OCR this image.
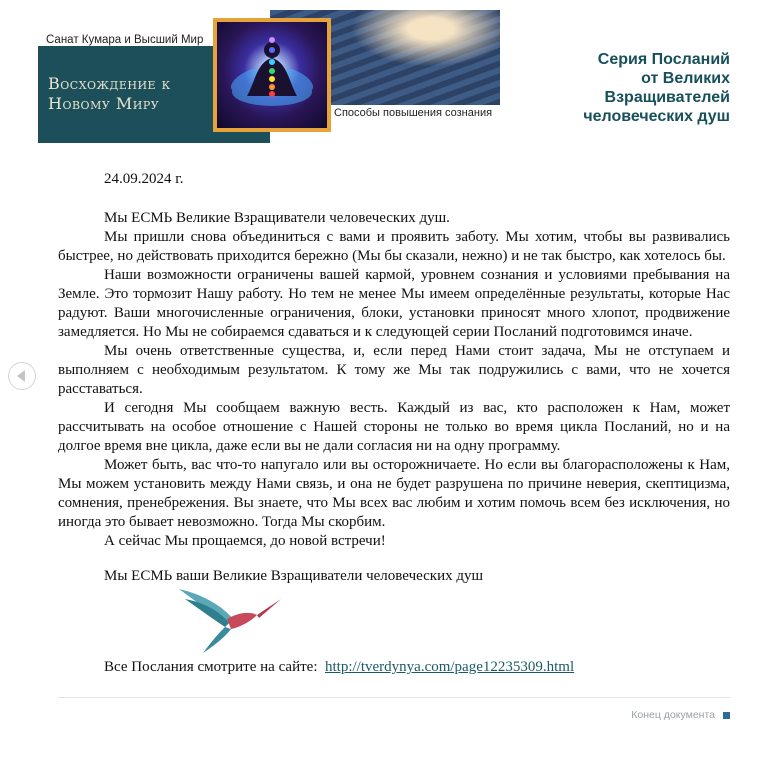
Санат Кумара и Высший Мир
Восхождение к Новому Миру	Способы повышения сознания
Серия Посланий
от Великих
Взращивателей
человеческих душ

24.09.2024 г.

Мы ЕСМЬ Великие Взращиватели человеческих душ.

Мы пришли снова объединиться с вами и проявить заботу. Мы хотим, чтобы вы развивались быстрее, но действовать приходится бережно (Мы бы сказали, нежно) и не так быстро, как хотелось бы.

Наши возможности ограничены вашей кармой, уровнем сознания и условиями пребывания на Земле. Это тормозит Нашу работу. Но тем не менее Мы имеем определённые результаты, которые Нас радуют. Ваши многочисленные ограничения, блоки, установки приносят много хлопот, продвижение замедляется. Но Мы не собираемся сдаваться и к следующей серии Посланий подготовимся иначе.

Мы очень ответственные существа, и, если перед Нами стоит задача, Мы не отступаем и выполняем с необходимым результатом. К тому же Мы так подружились с вами, что не хочется расставаться.

И сегодня Мы сообщаем важную весть. Каждый из вас, кто расположен к Нам, может рассчитывать на особое отношение с Нашей стороны не только во время цикла Посланий, но и на долгое время вне цикла, даже если вы не дали согласия ни на одну программу.

Может быть, вас что-то напугало или вы осторожничаете. Но если вы благорасположены к Нам, Мы можем установить между Нами связь, и она не будет разрушена по причине неверия, скептицизма, сомнения, пренебрежения. Вы знаете, что Мы всех вас любим и хотим помочь всем без исключения, но иногда это бывает невозможно. Тогда Мы скорбим.

А сейчас Мы прощаемся, до новой встречи!

Мы ЕСМЬ ваши Великие Взращиватели человеческих душ

Все Послания смотрите на сайте: http://tverdynya.com/page12235309.html

Конец документа
